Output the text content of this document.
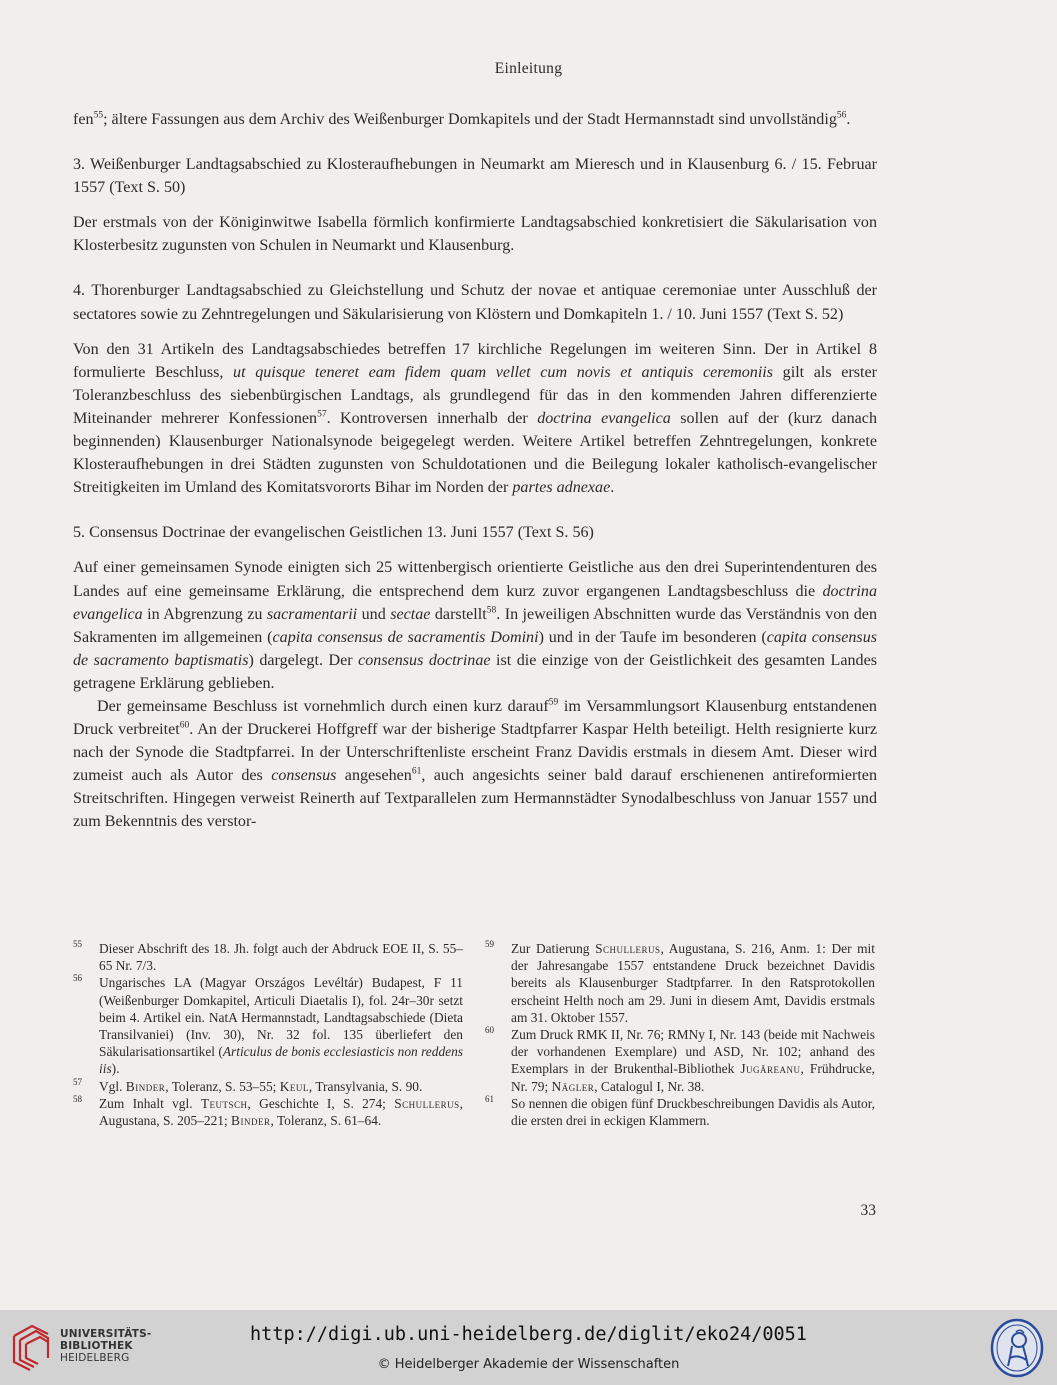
Einleitung

fen$^{55}$; ältere Fassungen aus dem Archiv des Weißenburger Domkapitels und der Stadt Hermannstadt sind unvollständig$^{56}$.

3. Weißenburger Landtagsabschied zu Klosteraufhebungen in Neumarkt am Mieresch und in Klausenburg 6. / 15. Februar 1557 (Text S. 50)

Der erstmals von der Königinwitwe Isabella förmlich konfirmierte Landtagsabschied konkretisiert die Säkularisation von Klosterbesitz zugunsten von Schulen in Neumarkt und Klausenburg.

4. Thorenburger Landtagsabschied zu Gleichstellung und Schutz der novae et antiquae ceremoniae unter Ausschluß der sectatores sowie zu Zehntregelungen und Säkularisierung von Klöstern und Domkapiteln 1. / 10. Juni 1557 (Text S. 52)

Von den 31 Artikeln des Landtagsabschiedes betreffen 17 kirchliche Regelungen im weiteren Sinn. Der in Artikel 8 formulierte Beschluss, ut quisque teneret eam fidem quam vellet cum novis et antiquis ceremoniis gilt als erster Toleranzbeschluss des siebenbürgischen Landtags, als grundlegend für das in den kommenden Jahren differenzierte Miteinander mehrerer Konfessionen$^{57}$. Kontroversen innerhalb der doctrina evangelica sollen auf der (kurz danach beginnenden) Klausenburger Nationalsynode beigegelegt werden. Weitere Artikel betreffen Zehntregelungen, konkrete Klosteraufhebungen in drei Städten zugunsten von Schuldotationen und die Beilegung lokaler katholisch-evangelischer Streitigkeiten im Umland des Komitatsvororts Bihar im Norden der partes adnexae.

5. Consensus Doctrinae der evangelischen Geistlichen 13. Juni 1557 (Text S. 56)

Auf einer gemeinsamen Synode einigten sich 25 wittenbergisch orientierte Geistliche aus den drei Superintendenturen des Landes auf eine gemeinsame Erklärung, die entsprechend dem kurz zuvor ergangenen Landtagsbeschluss die doctrina evangelica in Abgrenzung zu sacramentarii und sectae darstellt$^{58}$. In jeweiligen Abschnitten wurde das Verständnis von den Sakramenten im allgemeinen (capita consensus de sacramentis Domini) und in der Taufe im besonderen (capita consensus de sacramento baptismatis) dargelegt. Der consensus doctrinae ist die einzige von der Geistlichkeit des gesamten Landes getragene Erklärung geblieben.

Der gemeinsame Beschluss ist vornehmlich durch einen kurz darauf$^{59}$ im Versammlungsort Klausenburg entstandenen Druck verbreitet$^{60}$. An der Druckerei Hoffgreff war der bisherige Stadtpfarrer Kaspar Helth beteiligt. Helth resignierte kurz nach der Synode die Stadtpfarrei. In der Unterschriftenliste erscheint Franz Davidis erstmals in diesem Amt. Dieser wird zumeist auch als Autor des consensus angesehen$^{61}$, auch angesichts seiner bald darauf erschienenen antireformierten Streitschriften. Hingegen verweist Reinerth auf Textparallelen zum Hermannstädter Synodalbeschluss von Januar 1557 und zum Bekenntnis des verstor-

55 Dieser Abschrift des 18. Jh. folgt auch der Abdruck EOE II, S. 55–65 Nr. 7/3.

56 Ungarisches LA (Magyar Országos Levéltár) Budapest, F 11 (Weißenburger Domkapitel, Articuli Diaetalis I), fol. 24r–30r setzt beim 4. Artikel ein. NatA Hermannstadt, Landtagsabschiede (Dieta Transilvaniei) (Inv. 30), Nr. 32 fol. 135 überliefert den Säkularisationsartikel (Articulus de bonis ecclesiasticis non reddens iis).

57 Vgl. Binder, Toleranz, S. 53–55; Keul, Transylvania, S. 90.

58 Zum Inhalt vgl. Teutsch, Geschichte I, S. 274; Schullerus, Augustana, S. 205–221; Binder, Toleranz, S. 61–64.

59 Zur Datierung Schullerus, Augustana, S. 216, Anm. 1: Der mit der Jahresangabe 1557 entstandene Druck bezeichnet Davidis bereits als Klausenburger Stadtpfarrer. In den Ratsprotokollen erscheint Helth noch am 29. Juni in diesem Amt, Davidis erstmals am 31. Oktober 1557.

60 Zum Druck RMK II, Nr. 76; RMNy I, Nr. 143 (beide mit Nachweis der vorhandenen Exemplare) und ASD, Nr. 102; anhand des Exemplars in der Brukenthal-Bibliothek Jugăreanu, Frühdrucke, Nr. 79; Nägler, Catalogul I, Nr. 38.

61 So nennen die obigen fünf Druckbeschreibungen Davidis als Autor, die ersten drei in eckigen Klammern.

33
UNIVERSITÄTS-
BIBLIOTHEK
HEIDELBERG
http://digi.ub.uni-heidelberg.de/diglit/eko24/0051
© Heidelberger Akademie der Wissenschaften
